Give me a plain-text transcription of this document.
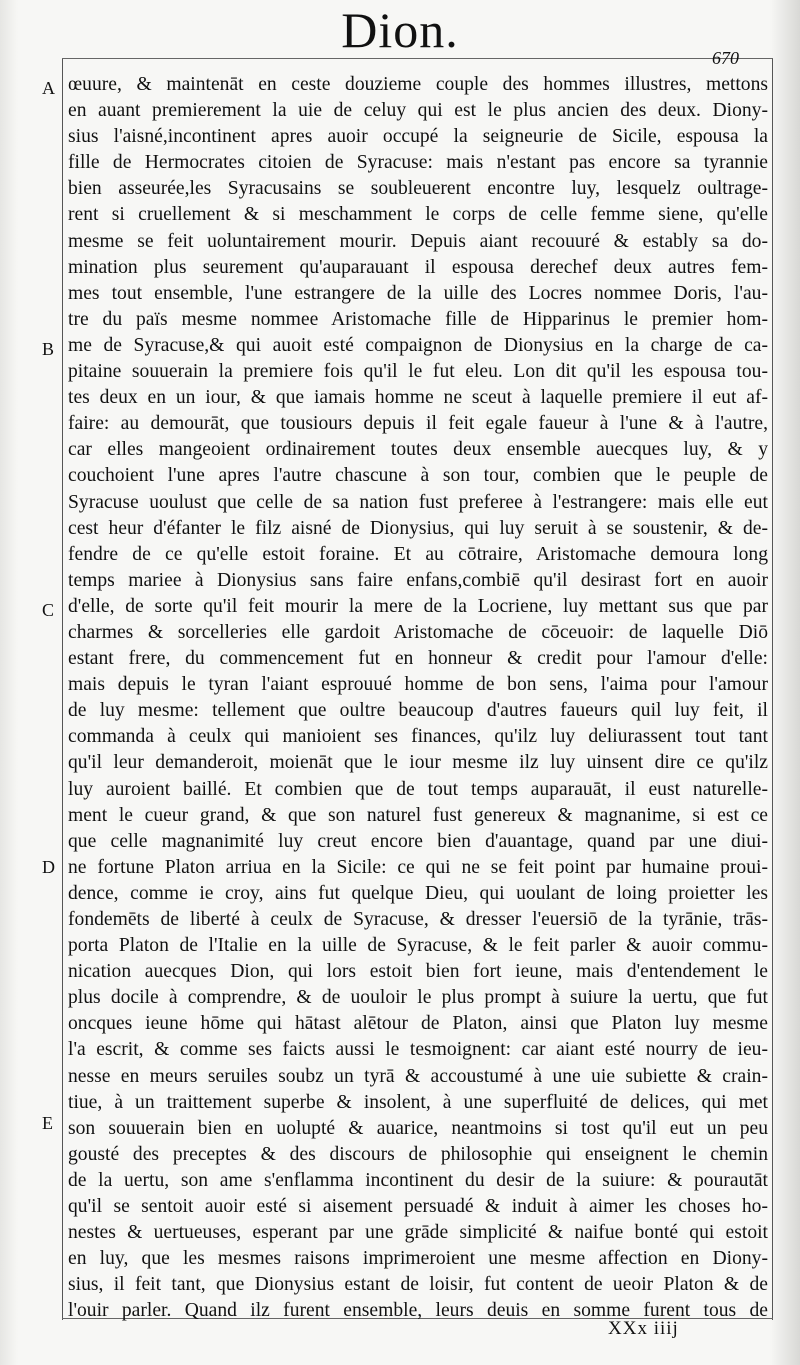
Dion.	670
A
B
C
D
E
œuure, & maintenāt en ceste douzieme couple des hommes illustres, mettons
en auant premierement la uie de celuy qui est le plus ancien des deux. Diony-
sius l'aisné,incontinent apres auoir occupé la seigneurie de Sicile, espousa la
fille de Hermocrates citoien de Syracuse: mais n'estant pas encore sa tyrannie
bien asseurée,les Syracusains se soubleuerent encontre luy, lesquelz oultrage-
rent si cruellement & si meschamment le corps de celle femme siene, qu'elle
mesme se feit uoluntairement mourir. Depuis aiant recouuré & estably sa do-
mination plus seurement qu'auparauant il espousa derechef deux autres fem-
mes tout ensemble, l'une estrangere de la uille des Locres nommee Doris, l'au-
tre du païs mesme nommee Aristomache fille de Hipparinus le premier hom-
me de Syracuse,& qui auoit esté compaignon de Dionysius en la charge de ca-
pitaine souuerain la premiere fois qu'il le fut eleu. Lon dit qu'il les espousa tou-
tes deux en un iour, & que iamais homme ne sceut à laquelle premiere il eut af-
faire: au demourāt, que tousiours depuis il feit egale faueur à l'une & à l'autre,
car elles mangeoient ordinairement toutes deux ensemble auecques luy, & y
couchoient l'une apres l'autre chascune à son tour, combien que le peuple de
Syracuse uoulust que celle de sa nation fust preferee à l'estrangere: mais elle eut
cest heur d'éfanter le filz aisné de Dionysius, qui luy seruit à se soustenir, & de-
fendre de ce qu'elle estoit foraine. Et au cōtraire, Aristomache demoura long
temps mariee à Dionysius sans faire enfans,combiē qu'il desirast fort en auoir
d'elle, de sorte qu'il feit mourir la mere de la Locriene, luy mettant sus que par
charmes & sorcelleries elle gardoit Aristomache de cōceuoir: de laquelle Diō
estant frere, du commencement fut en honneur & credit pour l'amour d'elle:
mais depuis le tyran l'aiant esprouué homme de bon sens, l'aima pour l'amour
de luy mesme: tellement que oultre beaucoup d'autres faueurs quil luy feit, il
commanda à ceulx qui manioient ses finances, qu'ilz luy deliurassent tout tant
qu'il leur demanderoit, moienāt que le iour mesme ilz luy uinsent dire ce qu'ilz
luy auroient baillé. Et combien que de tout temps auparauāt, il eust naturelle-
ment le cueur grand, & que son naturel fust genereux & magnanime, si est ce
que celle magnanimité luy creut encore bien d'auantage, quand par une diui-
ne fortune Platon arriua en la Sicile: ce qui ne se feit point par humaine proui-
dence, comme ie croy, ains fut quelque Dieu, qui uoulant de loing proietter les
fondemēts de liberté à ceulx de Syracuse, & dresser l'euersiō de la tyrānie, trās-
porta Platon de l'Italie en la uille de Syracuse, & le feit parler & auoir commu-
nication auecques Dion, qui lors estoit bien fort ieune, mais d'entendement le
plus docile à comprendre, & de uouloir le plus prompt à suiure la uertu, que fut
oncques ieune hōme qui hātast alētour de Platon, ainsi que Platon luy mesme
l'a escrit, & comme ses faicts aussi le tesmoignent: car aiant esté nourry de ieu-
nesse en meurs seruiles soubz un tyrā & accoustumé à une uie subiette & crain-
tiue, à un traittement superbe & insolent, à une superfluité de delices, qui met
son souuerain bien en uolupté & auarice, neantmoins si tost qu'il eut un peu
gousté des preceptes & des discours de philosophie qui enseignent le chemin
de la uertu, son ame s'enflamma incontinent du desir de la suiure: & pourautāt
qu'il se sentoit auoir esté si aisement persuadé & induit à aimer les choses ho-
nestes & uertueuses, esperant par une grāde simplicité & naifue bonté qui estoit
en luy, que les mesmes raisons imprimeroient une mesme affection en Diony-
sius, il feit tant, que Dionysius estant de loisir, fut content de ueoir Platon & de
l'ouir parler. Quand ilz furent ensemble, leurs deuis en somme furent tous de
XXx iiij
